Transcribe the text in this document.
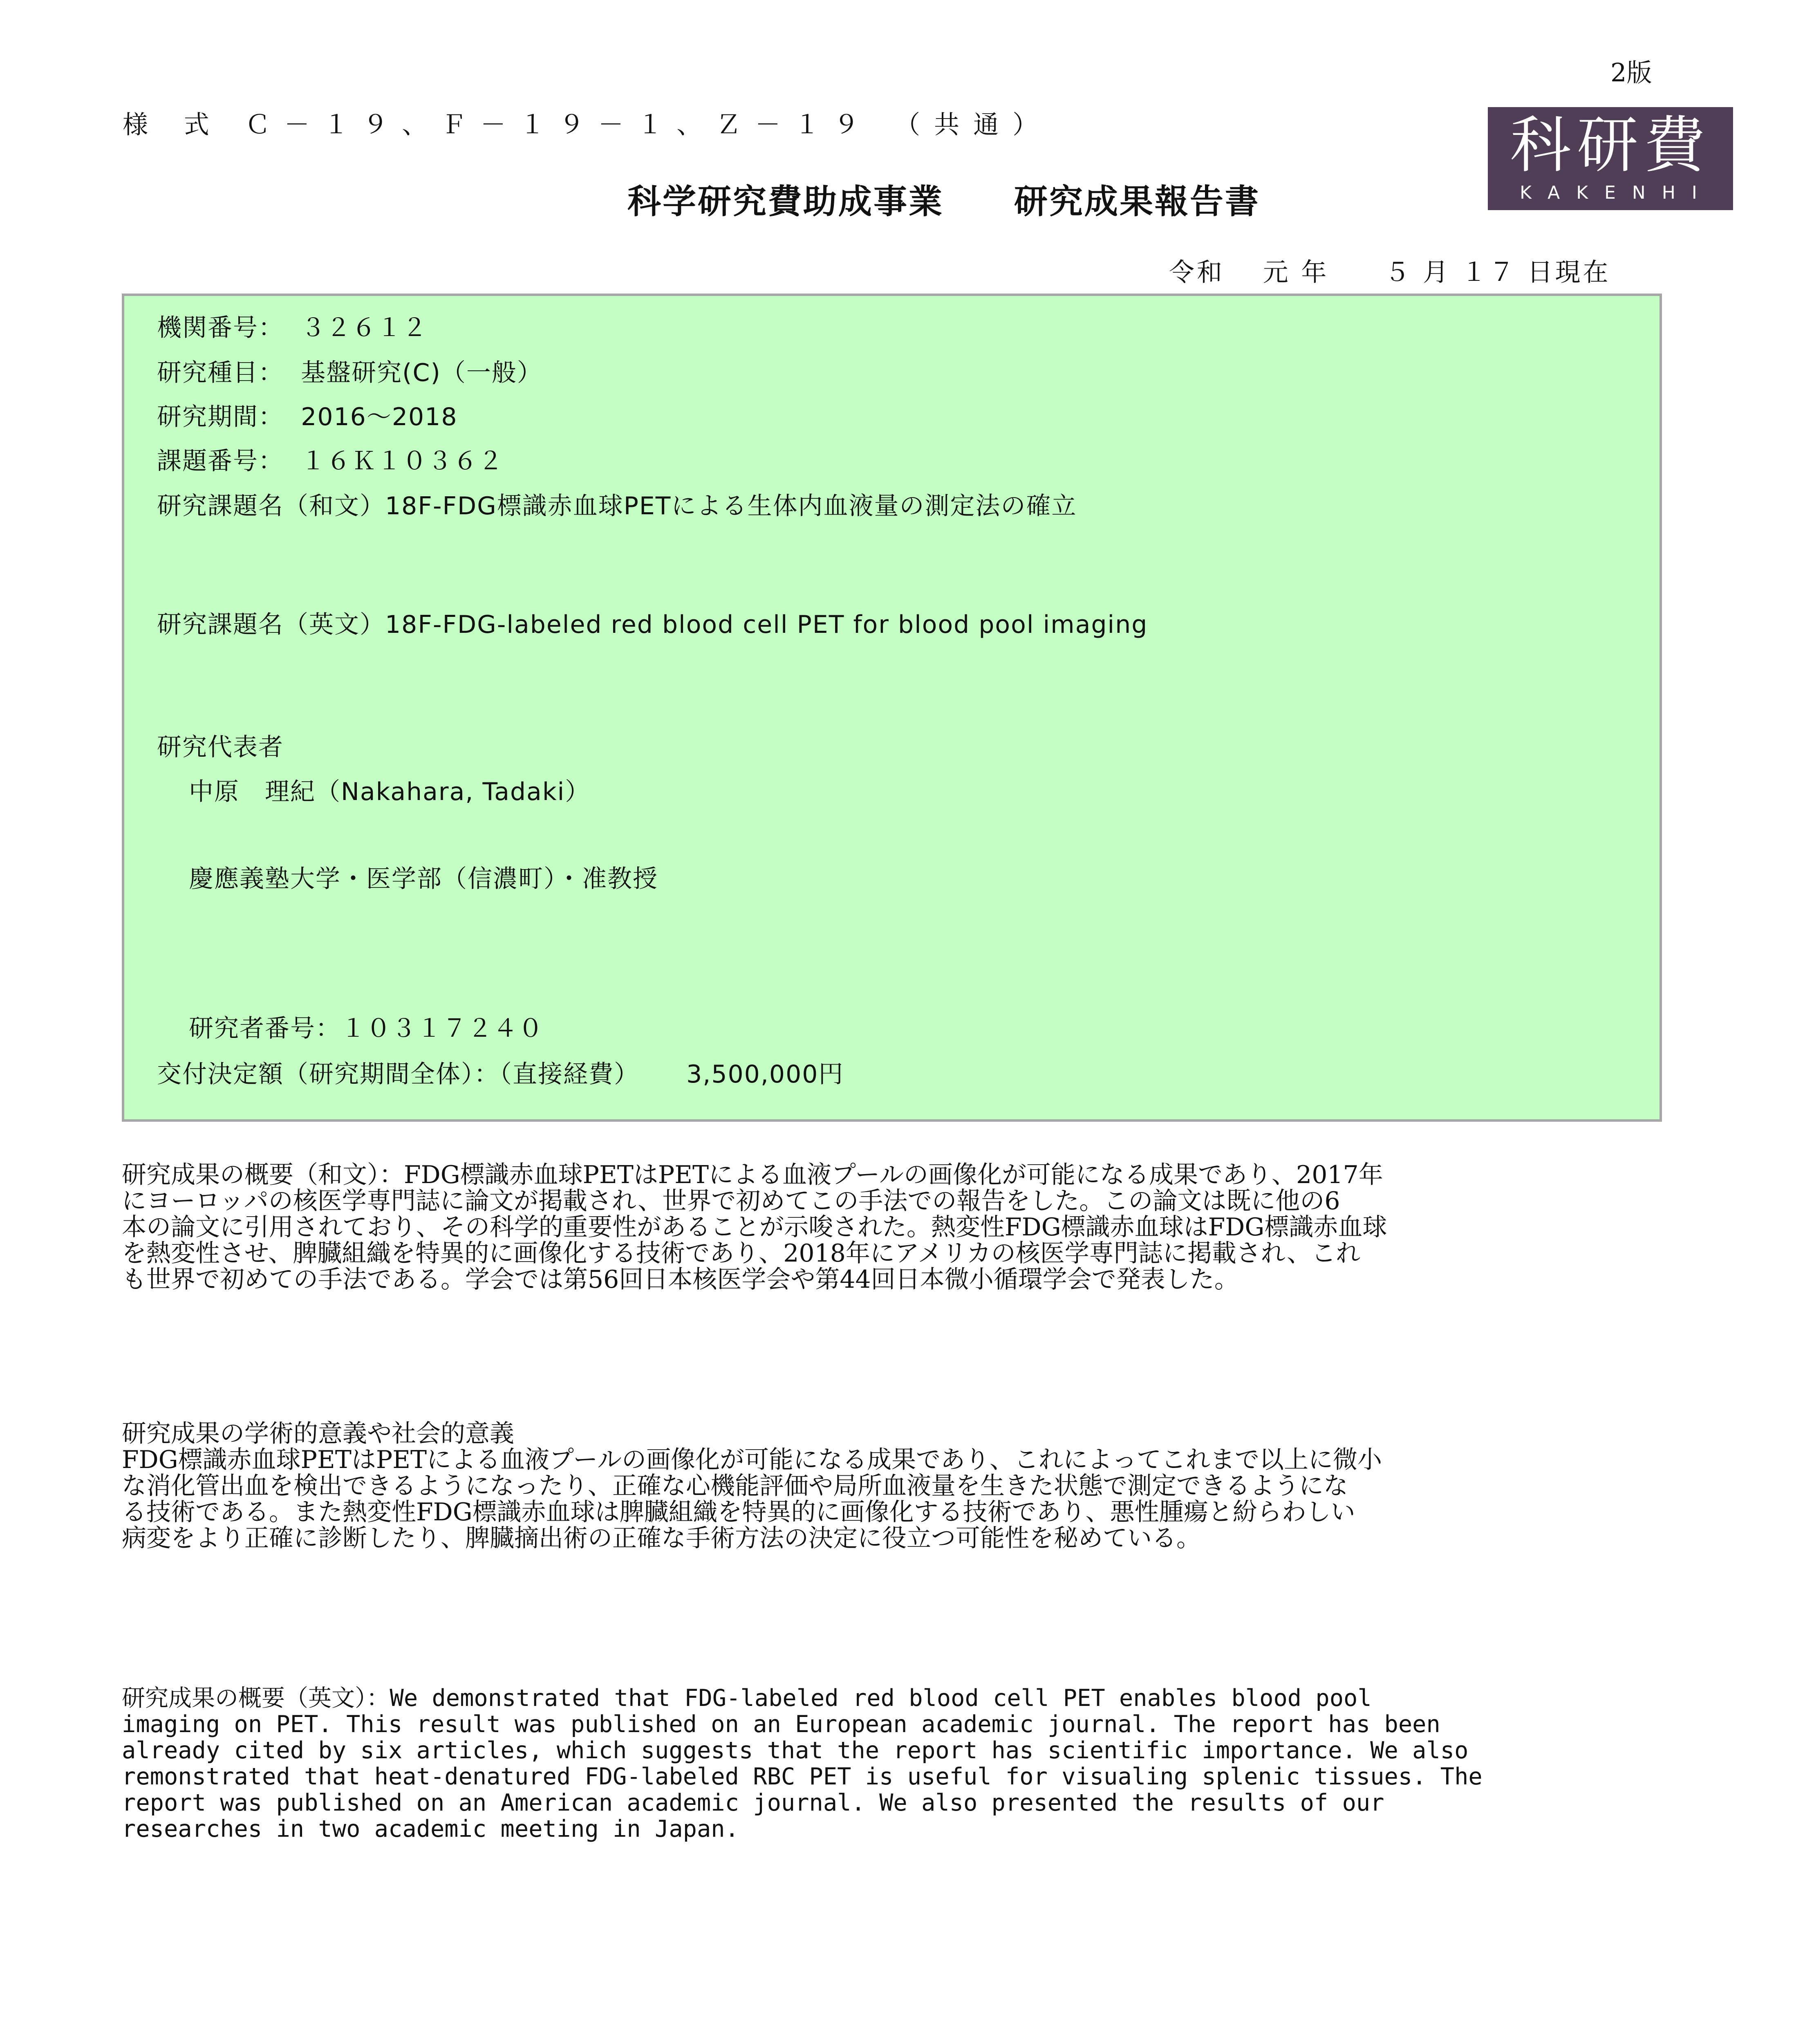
2版
様 式 Ｃ－１９、Ｆ－１９－１、Ｚ－１９ （共通）	科研費
KAKENHI
科学研究費助成事業　　研究成果報告書
令和　 元 年　　５ 月 １７ 日現在
機関番号：  ３２６１２
研究種目：  基盤研究(C)（一般）
研究期間：  2016～2018
課題番号：  １６Ｋ１０３６２
研究課題名（和文）18F-FDG標識赤血球PETによる生体内血液量の測定法の確立
研究課題名（英文）18F-FDG-labeled red blood cell PET for blood pool imaging
研究代表者
中原　理紀（Nakahara, Tadaki）
慶應義塾大学・医学部（信濃町）・准教授
研究者番号：１０３１７２４０
交付決定額（研究期間全体）：（直接経費）　　 3,500,000円
研究成果の概要（和文）：FDG標識赤血球PETはPETによる血液プールの画像化が可能になる成果であり、2017年
にヨーロッパの核医学専門誌に論文が掲載され、世界で初めてこの手法での報告をした。この論文は既に他の6
本の論文に引用されており、その科学的重要性があることが示唆された。熱変性FDG標識赤血球はFDG標識赤血球
を熱変性させ、脾臓組織を特異的に画像化する技術であり、2018年にアメリカの核医学専門誌に掲載され、これ
も世界で初めての手法である。学会では第56回日本核医学会や第44回日本微小循環学会で発表した。
研究成果の学術的意義や社会的意義
FDG標識赤血球PETはPETによる血液プールの画像化が可能になる成果であり、これによってこれまで以上に微小
な消化管出血を検出できるようになったり、正確な心機能評価や局所血液量を生きた状態で測定できるようにな
る技術である。また熱変性FDG標識赤血球は脾臓組織を特異的に画像化する技術であり、悪性腫瘍と紛らわしい
病変をより正確に診断したり、脾臓摘出術の正確な手術方法の決定に役立つ可能性を秘めている。
研究成果の概要（英文）：We demonstrated that FDG-labeled red blood cell PET enables blood pool
imaging on PET. This result was published on an European academic journal. The report has been
already cited by six articles, which suggests that the report has scientific importance. We also
remonstrated that heat-denatured FDG-labeled RBC PET is useful for visualing splenic tissues. The
report was published on an American academic journal. We also presented the results of our
researches in two academic meeting in Japan.
